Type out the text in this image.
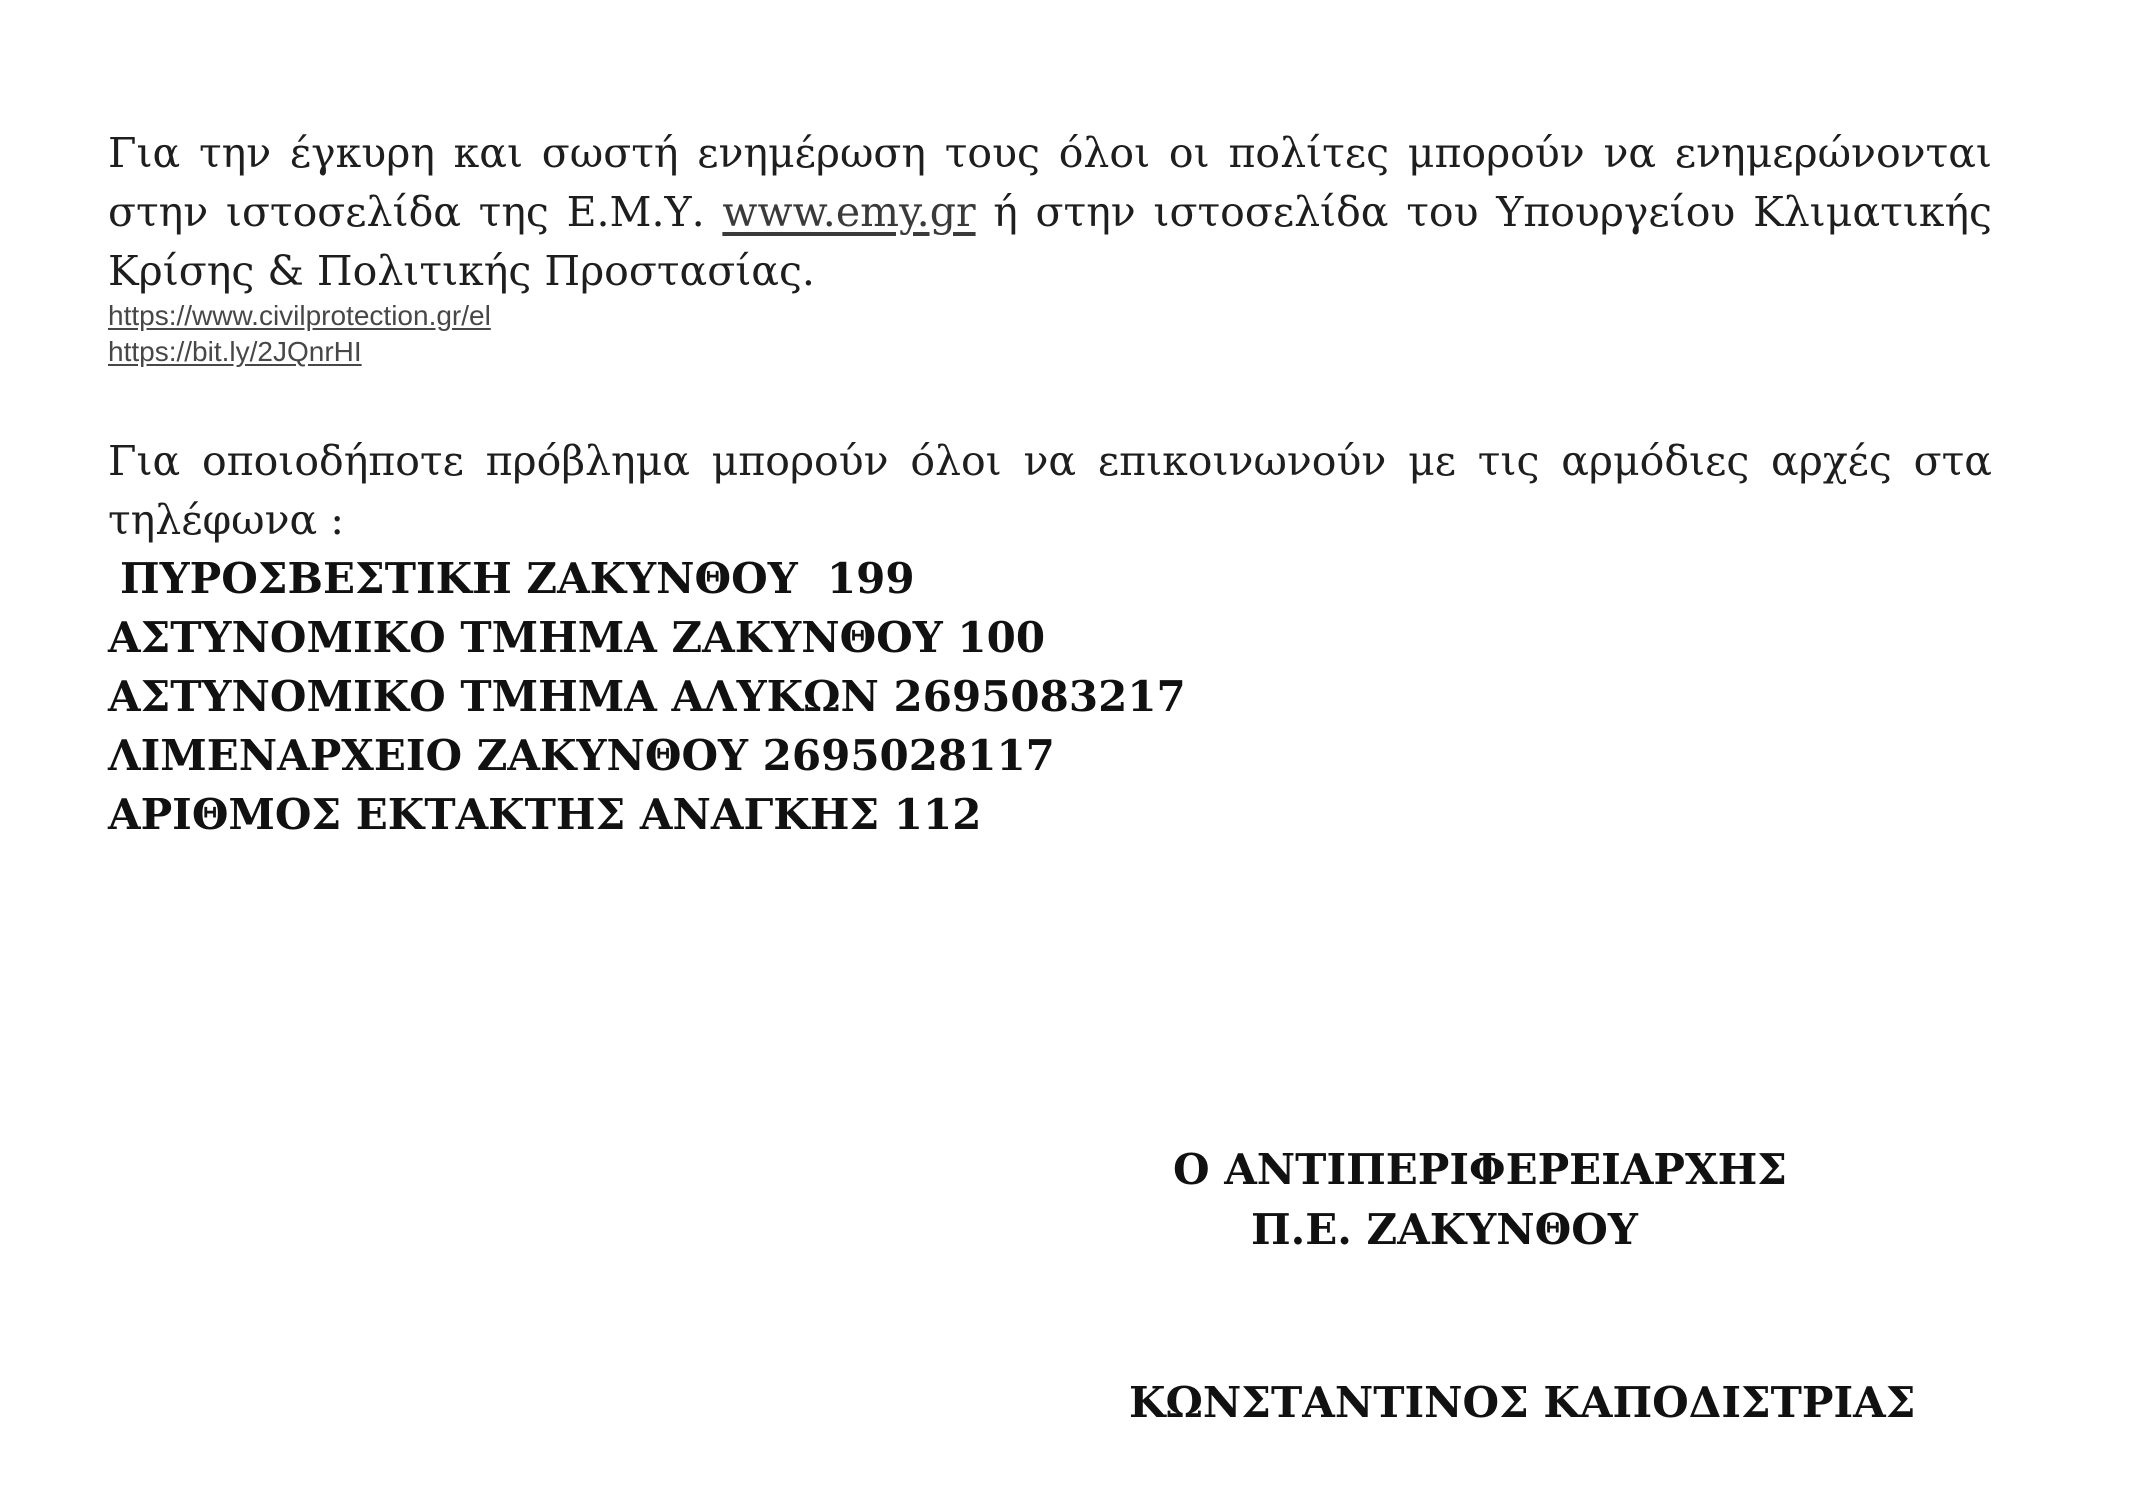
Για την έγκυρη και σωστή ενημέρωση τους όλοι οι πολίτες μπορούν να ενημερώνονται στην ιστοσελίδα της Ε.Μ.Υ. www.emy.gr ή στην ιστοσελίδα του Υπουργείου Κλιματικής Κρίσης & Πολιτικής Προστασίας.

https://www.civilprotection.gr/el
https://bit.ly/2JQnrHI

Για οποιοδήποτε πρόβλημα μπορούν όλοι να επικοινωνούν με τις αρμόδιες αρχές στα τηλέφωνα :

ΠΥΡΟΣΒΕΣΤΙΚΗ ΖΑΚΥΝΘΟΥ  199
ΑΣΤΥΝΟΜΙΚΟ ΤΜΗΜΑ ΖΑΚΥΝΘΟΥ 100
ΑΣΤΥΝΟΜΙΚΟ ΤΜΗΜΑ ΑΛΥΚΩΝ 2695083217
ΛΙΜΕΝΑΡΧΕΙΟ ΖΑΚΥΝΘΟΥ 2695028117
ΑΡΙΘΜΟΣ ΕΚΤΑΚΤΗΣ ΑΝΑΓΚΗΣ 112
Ο ΑΝΤΙΠΕΡΙΦΕΡΕΙΑΡΧΗΣ
Π.Ε. ΖΑΚΥΝΘΟΥ
ΚΩΝΣΤΑΝΤΙΝΟΣ ΚΑΠΟΔΙΣΤΡΙΑΣ
